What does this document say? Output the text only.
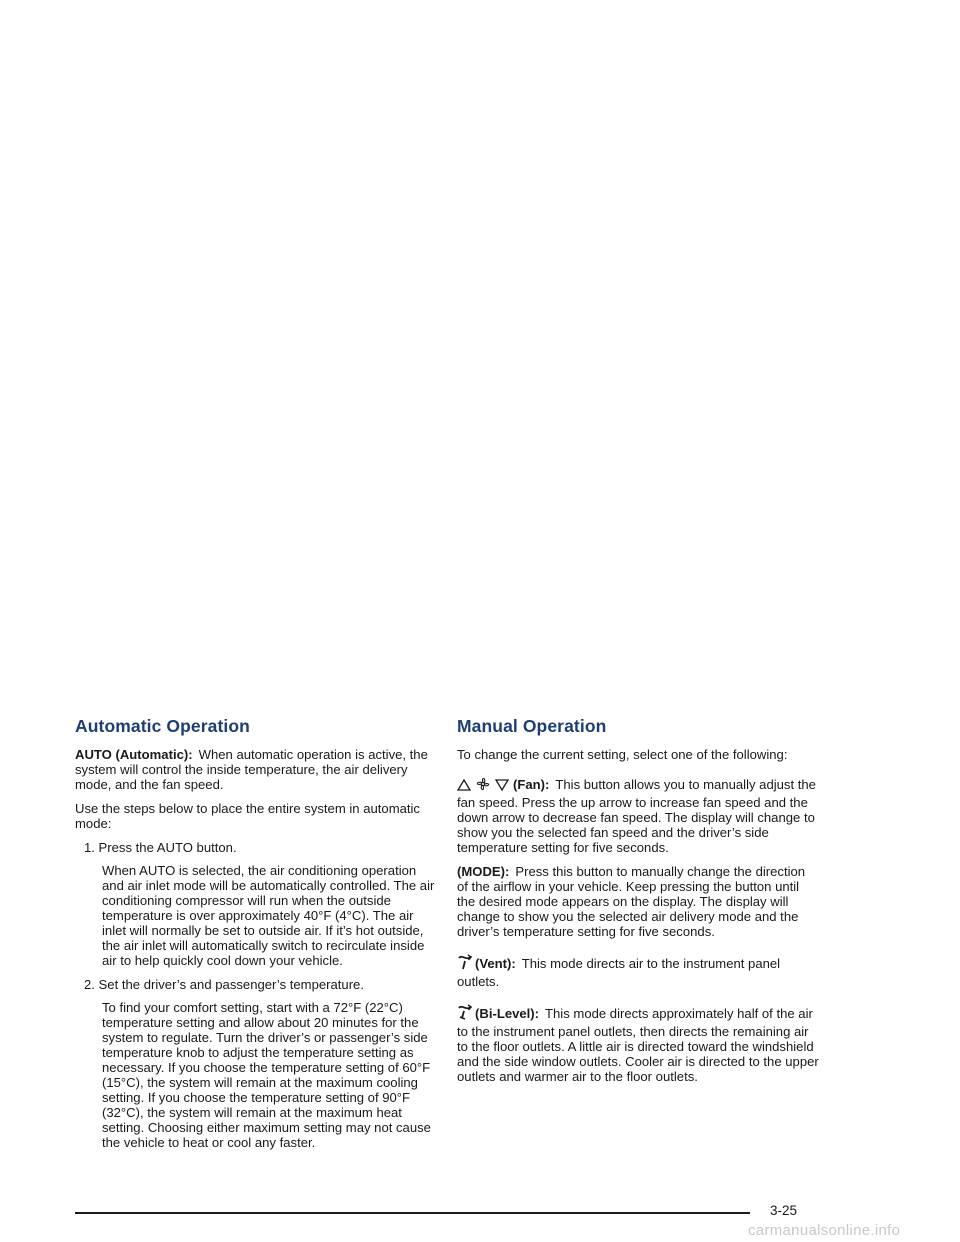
Automatic Operation

AUTO (Automatic): When automatic operation is active, the system will control the inside temperature, the air delivery mode, and the fan speed.

Use the steps below to place the entire system in automatic mode:

1. Press the AUTO button.
When AUTO is selected, the air conditioning operation and air inlet mode will be automatically controlled. The air conditioning compressor will run when the outside temperature is over approximately 40°F (4°C). The air inlet will normally be set to outside air. If it’s hot outside, the air inlet will automatically switch to recirculate inside air to help quickly cool down your vehicle.
2. Set the driver’s and passenger’s temperature.
To find your comfort setting, start with a 72°F (22°C) temperature setting and allow about 20 minutes for the system to regulate. Turn the driver’s or passenger’s side temperature knob to adjust the temperature setting as necessary. If you choose the temperature setting of 60°F (15°C), the system will remain at the maximum cooling setting. If you choose the temperature setting of 90°F (32°C), the system will remain at the maximum heat setting. Choosing either maximum setting may not cause the vehicle to heat or cool any faster.
Manual Operation

To change the current setting, select one of the following:

(Fan): This button allows you to manually adjust the fan speed. Press the up arrow to increase fan speed and the down arrow to decrease fan speed. The display will change to show you the selected fan speed and the driver’s side temperature setting for five seconds.

(MODE): Press this button to manually change the direction of the airflow in your vehicle. Keep pressing the button until the desired mode appears on the display. The display will change to show you the selected air delivery mode and the driver’s temperature setting for five seconds.

(Vent): This mode directs air to the instrument panel outlets.

(Bi-Level): This mode directs approximately half of the air to the instrument panel outlets, then directs the remaining air to the floor outlets. A little air is directed toward the windshield and the side window outlets. Cooler air is directed to the upper outlets and warmer air to the floor outlets.

3-25
carmanualsonline.info
